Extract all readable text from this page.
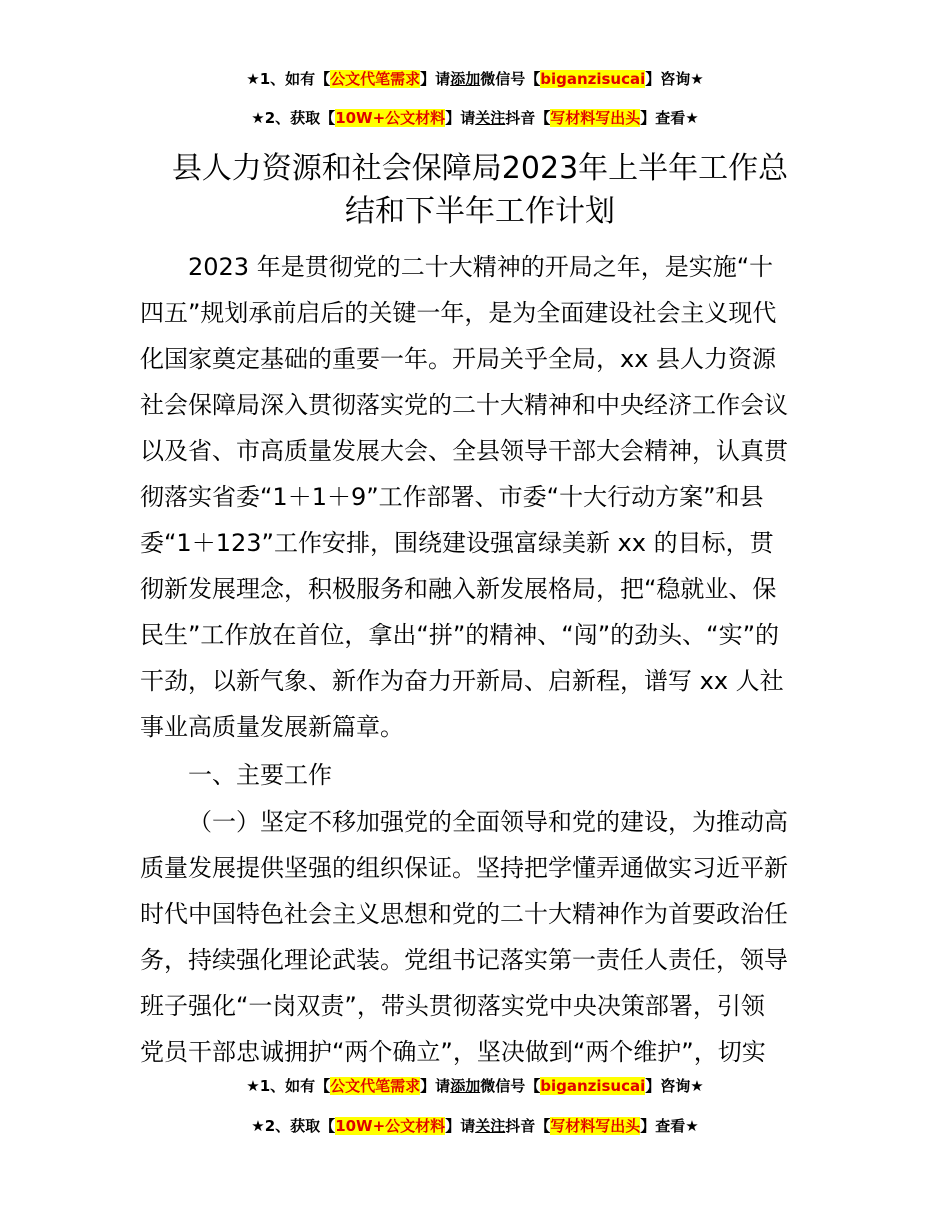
★1、如有【公文代笔需求】请添加微信号【biganzisucai】咨询★
★2、获取【10W+公文材料】请关注抖音【写材料写出头】查看★
县人力资源和社会保障局2023年上半年工作总
结和下半年工作计划
2023 年是贯彻党的二十大精神的开局之年，是实施“十
四五”规划承前启后的关键一年，是为全面建设社会主义现代
化国家奠定基础的重要一年。开局关乎全局，xx 县人力资源
社会保障局深入贯彻落实党的二十大精神和中央经济工作会议
以及省、市高质量发展大会、全县领导干部大会精神，认真贯
彻落实省委“1＋1＋9”工作部署、市委“十大行动方案”和县
委“1＋123”工作安排，围绕建设强富绿美新 xx 的目标，贯
彻新发展理念，积极服务和融入新发展格局，把“稳就业、保
民生”工作放在首位，拿出“拼”的精神、“闯”的劲头、“实”的
干劲，以新气象、新作为奋力开新局、启新程，谱写 xx 人社
事业高质量发展新篇章。
一、主要工作
（一）坚定不移加强党的全面领导和党的建设，为推动高
质量发展提供坚强的组织保证。坚持把学懂弄通做实习近平新
时代中国特色社会主义思想和党的二十大精神作为首要政治任
务，持续强化理论武装。党组书记落实第一责任人责任，领导
班子强化“一岗双责”，带头贯彻落实党中央决策部署，引领
党员干部忠诚拥护“两个确立”，坚决做到“两个维护”，切实
★1、如有【公文代笔需求】请添加微信号【biganzisucai】咨询★
★2、获取【10W+公文材料】请关注抖音【写材料写出头】查看★
